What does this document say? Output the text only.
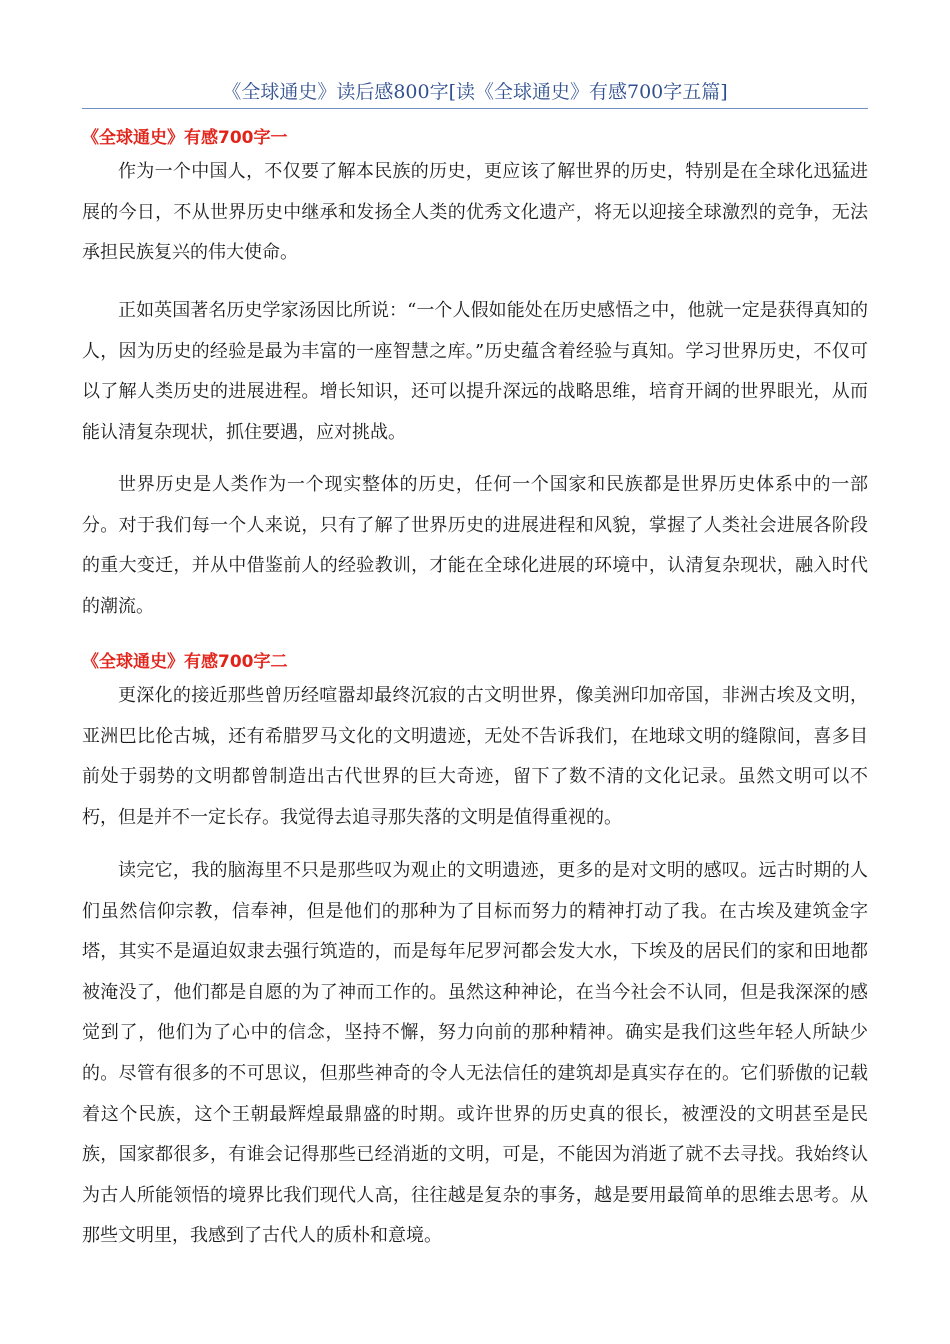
《全球通史》读后感800字[读《全球通史》有感700字五篇]
《全球通史》有感700字一

作为一个中国人，不仅要了解本民族的历史，更应该了解世界的历史，特别是在全球化迅猛进展的今日，不从世界历史中继承和发扬全人类的优秀文化遗产，将无以迎接全球激烈的竞争，无法承担民族复兴的伟大使命。

正如英国著名历史学家汤因比所说：“一个人假如能处在历史感悟之中，他就一定是获得真知的人，因为历史的经验是最为丰富的一座智慧之库。”历史蕴含着经验与真知。学习世界历史，不仅可以了解人类历史的进展进程。增长知识，还可以提升深远的战略思维，培育开阔的世界眼光，从而能认清复杂现状，抓住要遇，应对挑战。

世界历史是人类作为一个现实整体的历史，任何一个国家和民族都是世界历史体系中的一部分。对于我们每一个人来说，只有了解了世界历史的进展进程和风貌，掌握了人类社会进展各阶段的重大变迁，并从中借鉴前人的经验教训，才能在全球化进展的环境中，认清复杂现状，融入时代的潮流。

《全球通史》有感700字二

更深化的接近那些曾历经喧嚣却最终沉寂的古文明世界，像美洲印加帝国，非洲古埃及文明，亚洲巴比伦古城，还有希腊罗马文化的文明遗迹，无处不告诉我们，在地球文明的缝隙间，喜多目前处于弱势的文明都曾制造出古代世界的巨大奇迹，留下了数不清的文化记录。虽然文明可以不朽，但是并不一定长存。我觉得去追寻那失落的文明是值得重视的。

读完它，我的脑海里不只是那些叹为观止的文明遗迹，更多的是对文明的感叹。远古时期的人们虽然信仰宗教，信奉神，但是他们的那种为了目标而努力的精神打动了我。在古埃及建筑金字塔，其实不是逼迫奴隶去强行筑造的，而是每年尼罗河都会发大水，下埃及的居民们的家和田地都被淹没了，他们都是自愿的为了神而工作的。虽然这种神论，在当今社会不认同，但是我深深的感觉到了，他们为了心中的信念，坚持不懈，努力向前的那种精神。确实是我们这些年轻人所缺少的。尽管有很多的不可思议，但那些神奇的令人无法信任的建筑却是真实存在的。它们骄傲的记载着这个民族，这个王朝最辉煌最鼎盛的时期。或许世界的历史真的很长，被湮没的文明甚至是民族，国家都很多，有谁会记得那些已经消逝的文明，可是，不能因为消逝了就不去寻找。我始终认为古人所能领悟的境界比我们现代人高，往往越是复杂的事务，越是要用最简单的思维去思考。从那些文明里，我感到了古代人的质朴和意境。
